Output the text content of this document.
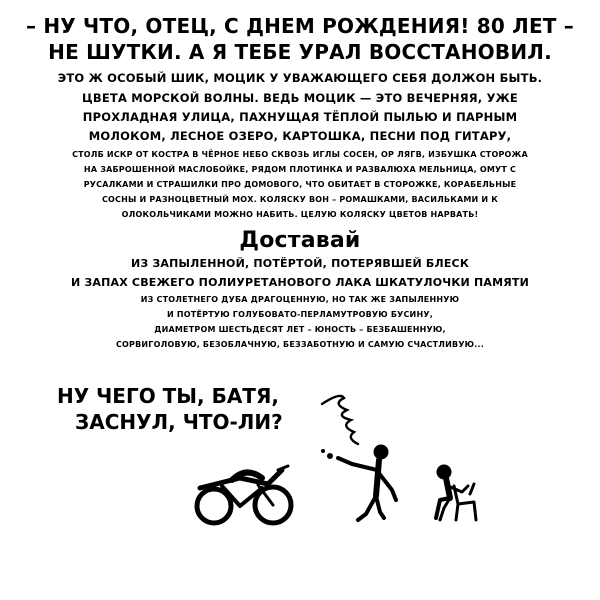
– НУ ЧТО, ОТЕЦ, С ДНЕМ РОЖДЕНИЯ! 80 ЛЕТ –
НЕ ШУТКИ. А Я ТЕБЕ УРАЛ ВОССТАНОВИЛ.
ЭТО Ж ОСОБЫЙ ШИК, МОЦИК У УВАЖАЮЩЕГО СЕБЯ ДОЛЖОН БЫТЬ.
ЦВЕТА МОРСКОЙ ВОЛНЫ. ВЕДЬ МОЦИК — ЭТО ВЕЧЕРНЯЯ, УЖЕ
ПРОХЛАДНАЯ УЛИЦА, ПАХНУЩАЯ ТЁПЛОЙ ПЫЛЬЮ И ПАРНЫМ
МОЛОКОМ, ЛЕСНОЕ ОЗЕРО, КАРТОШКА, ПЕСНИ ПОД ГИТАРУ,
СТОЛБ ИСКР ОТ КОСТРА В ЧЁРНОЕ НЕБО СКВОЗЬ ИГЛЫ СОСЕН, ОР ЛЯГВ, ИЗБУШКА СТОРОЖА
НА ЗАБРОШЕННОЙ МАСЛОБОЙКЕ, РЯДОМ ПЛОТИНКА И РАЗВАЛЮХА МЕЛЬНИЦА, ОМУТ С
РУСАЛКАМИ И СТРАШИЛКИ ПРО ДОМОВОГО, ЧТО ОБИТАЕТ В СТОРОЖКЕ, КОРАБЕЛЬНЫЕ
СОСНЫ И РАЗНОЦВЕТНЫЙ МОХ. КОЛЯСКУ ВОН – РОМАШКАМИ, ВАСИЛЬКАМИ И К
ОЛОКОЛЬЧИКАМИ МОЖНО НАБИТЬ. ЦЕЛУЮ КОЛЯСКУ ЦВЕТОВ НАРВАТЬ!
Доставай
ИЗ ЗАПЫЛЕННОЙ, ПОТЁРТОЙ, ПОТЕРЯВШЕЙ БЛЕСК
И ЗАПАХ СВЕЖЕГО ПОЛИУРЕТАНОВОГО ЛАКА ШКАТУЛОЧКИ ПАМЯТИ
ИЗ СТОЛЕТНЕГО ДУБА ДРАГОЦЕННУЮ, НО ТАК ЖЕ ЗАПЫЛЕННУЮ
И ПОТЁРТУЮ ГОЛУБОВАТО-ПЕРЛАМУТРОВУЮ БУСИНУ,
ДИАМЕТРОМ ШЕСТЬДЕСЯТ ЛЕТ – ЮНОСТЬ – БЕЗБАШЕННУЮ,
СОРВИГОЛОВУЮ, БЕЗОБЛАЧНУЮ, БЕЗЗАБОТНУЮ И САМУЮ СЧАСТЛИВУЮ...
НУ ЧЕГО ТЫ, БАТЯ,
ЗАСНУЛ, ЧТО-ЛИ?
